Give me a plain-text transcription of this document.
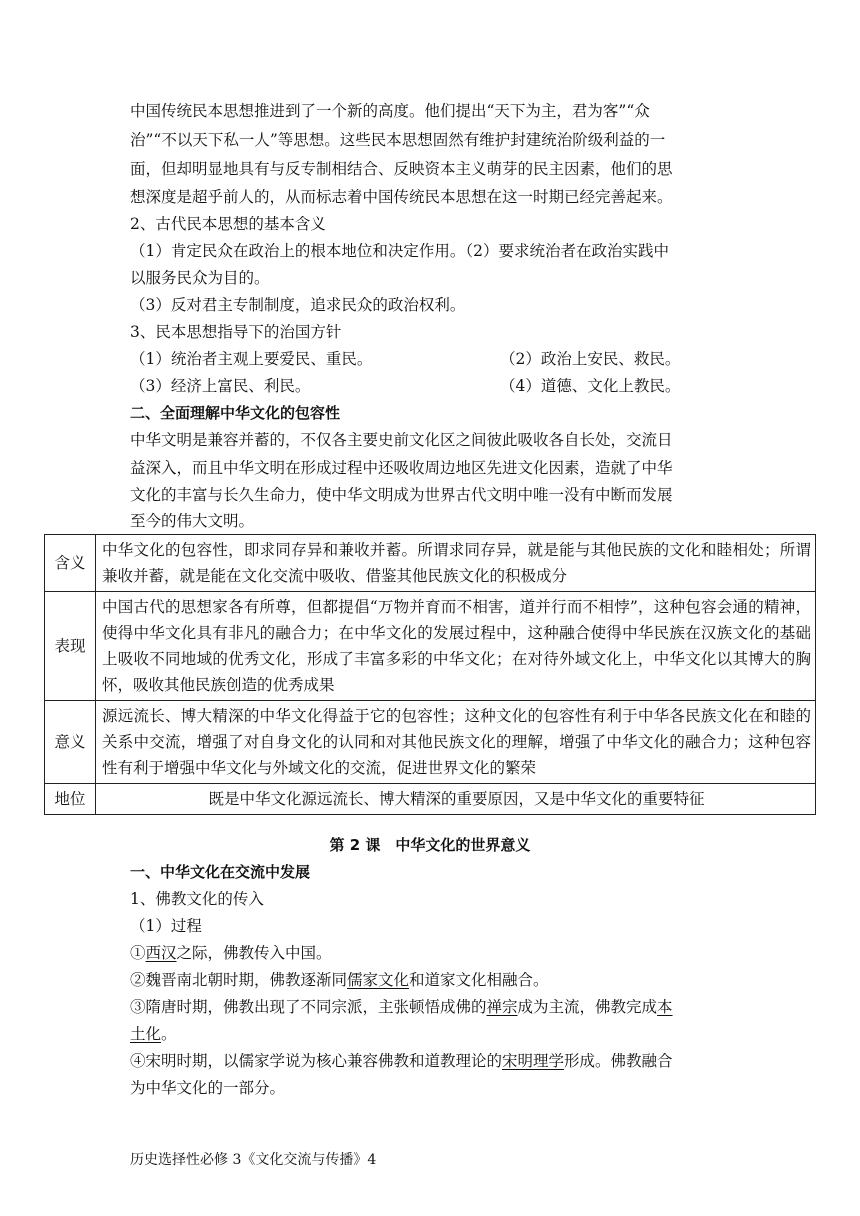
中国传统民本思想推进到了一个新的高度。他们提出“天下为主，君为客”“众
治”“不以天下私一人”等思想。这些民本思想固然有维护封建统治阶级利益的一
面，但却明显地具有与反专制相结合、反映资本主义萌芽的民主因素，他们的思
想深度是超乎前人的，从而标志着中国传统民本思想在这一时期已经完善起来。
2、古代民本思想的基本含义
（1）肯定民众在政治上的根本地位和决定作用。（2）要求统治者在政治实践中
以服务民众为目的。
（3）反对君主专制制度，追求民众的政治权利。
3、民本思想指导下的治国方针
（1）统治者主观上要爱民、重民。	（2）政治上安民、救民。
（3）经济上富民、利民。	（4）道德、文化上教民。
二、全面理解中华文化的包容性
中华文明是兼容并蓄的，不仅各主要史前文化区之间彼此吸收各自长处，交流日
益深入，而且中华文明在形成过程中还吸收周边地区先进文化因素，造就了中华
文化的丰富与长久生命力，使中华文明成为世界古代文明中唯一没有中断而发展
至今的伟大文明。
含义	中华文化的包容性，即求同存异和兼收并蓄。所谓求同存异，就是能与其他民族的文化和睦相处；所谓兼收并蓄，就是能在文化交流中吸收、借鉴其他民族文化的积极成分
表现	中国古代的思想家各有所尊，但都提倡“万物并育而不相害，道并行而不相悖”，这种包容会通的精神，使得中华文化具有非凡的融合力；在中华文化的发展过程中，这种融合使得中华民族在汉族文化的基础上吸收不同地域的优秀文化，形成了丰富多彩的中华文化；在对待外域文化上，中华文化以其博大的胸怀，吸收其他民族创造的优秀成果
意义	源远流长、博大精深的中华文化得益于它的包容性；这种文化的包容性有利于中华各民族文化在和睦的关系中交流，增强了对自身文化的认同和对其他民族文化的理解，增强了中华文化的融合力；这种包容性有利于增强中华文化与外域文化的交流，促进世界文化的繁荣
地位	既是中华文化源远流长、博大精深的重要原因，又是中华文化的重要特征
第 2 课　中华文化的世界意义
一、中华文化在交流中发展
1、佛教文化的传入
（1）过程
①西汉之际，佛教传入中国。
②魏晋南北朝时期，佛教逐渐同儒家文化和道家文化相融合。
③隋唐时期，佛教出现了不同宗派，主张顿悟成佛的禅宗成为主流，佛教完成本
土化。
④宋明时期，以儒家学说为核心兼容佛教和道教理论的宋明理学形成。佛教融合
为中华文化的一部分。
历史选择性必修 3《文化交流与传播》4
